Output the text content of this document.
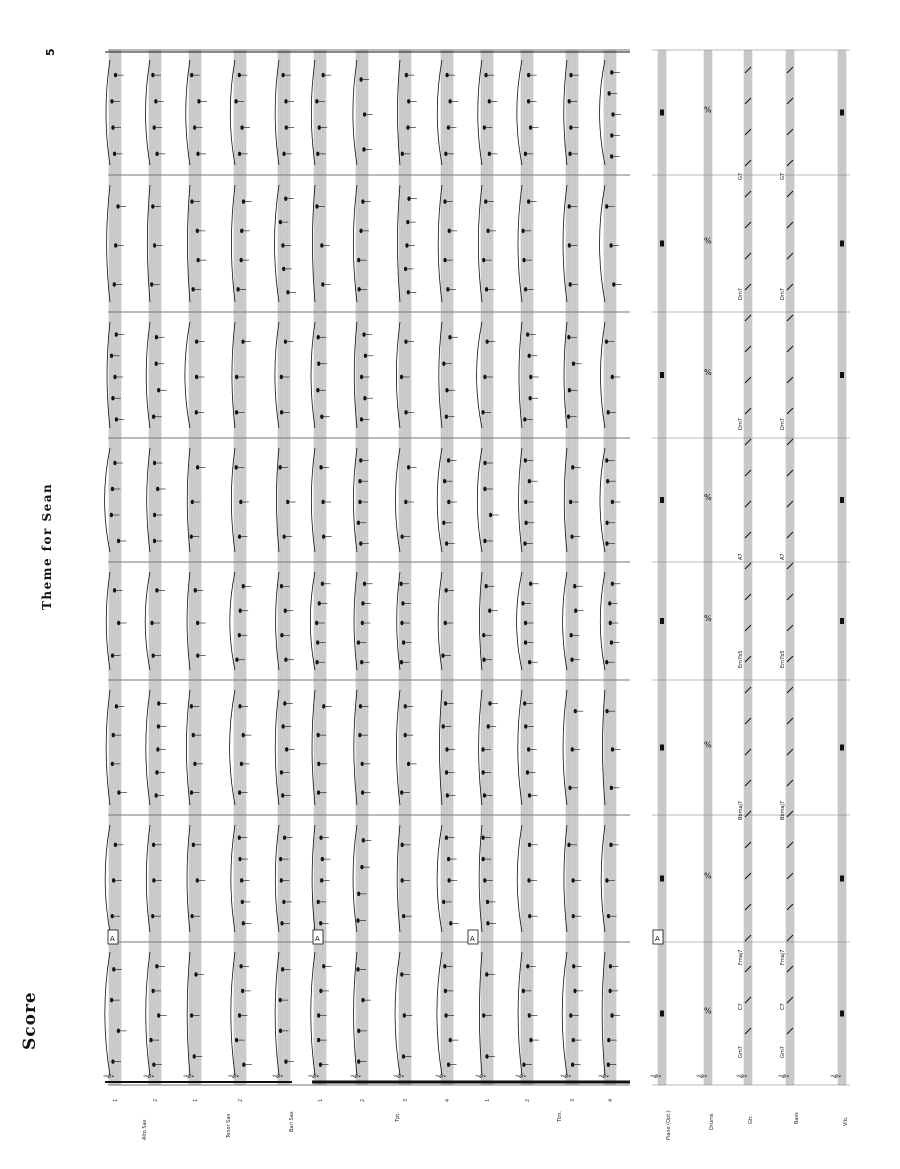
𝄞	𝄞	𝄞	𝄞	𝄞	𝄞	𝄞	𝄞	𝄞	𝄞	𝄞	𝄞	𝄞	𝄞	𝄞	𝄞	𝄞	𝄞
%
%
%
%
%
%
%
%
Gm7	Gm7
C7	C7
Fmaj7	Fmaj7
Bbmaj7	Bbmaj7
Em7b5	Em7b5
A7	A7
Dm7	Dm7
Dm7	Dm7
G7	G7
A	A	A	A
Score
Theme for Sean
5
Alto Sax	Tenor Sax	Bari Sax	Tpt.	Tbn.	Piano (Opt.)	Drums	Gtr.	Bass	Vib.
1	2	1	2	1	2	3	4	1	2	3	4
